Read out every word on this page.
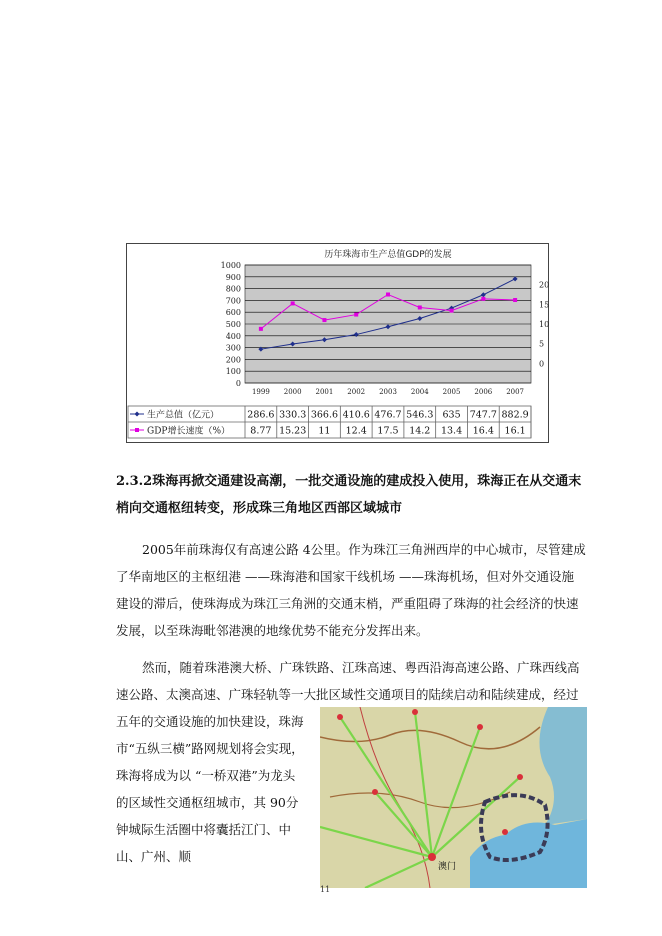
历年珠海市生产总值GDP的发展
0
100
200
300
400
500
600
700
800
900
1000
0
5
10
15
20
1999 2000 2001 2002 2003 2004 2005 2006 2007
生产总值（亿元）	286.6 330.3 366.6 410.6 476.7 546.3 635 747.7 882.9
GDP增长速度（%） 8.77 15.23 11 12.4 17.5 14.2 13.4 16.4 16.1

2.3.2珠海再掀交通建设高潮，一批交通设施的建成投入使用，珠海正在从交通末梢向交通枢纽转变，形成珠三角地区西部区域城市

2005年前珠海仅有高速公路 4公里。作为珠江三角洲西岸的中心城市，尽管建成了华南地区的主枢纽港 ——珠海港和国家干线机场 ——珠海机场，但对外交通设施建设的滞后，使珠海成为珠江三角洲的交通末梢，严重阻碍了珠海的社会经济的快速发展，以至珠海毗邻港澳的地缘优势不能充分发挥出来。

然而，随着珠港澳大桥、广珠铁路、江珠高速、粤西沿海高速公路、广珠西线高速公路、太澳高速、广珠轻轨等一大批区域性交通项目的陆续启动和陆续建成，经过

五年的交通设施的加快建设，珠海市“五纵三横”路网规划将会实现，珠海将成为以 “一桥双港”为龙头的区域性交通枢纽城市，其 90分钟城际生活圈中将囊括江门、中山、广州、顺

澳门
11
